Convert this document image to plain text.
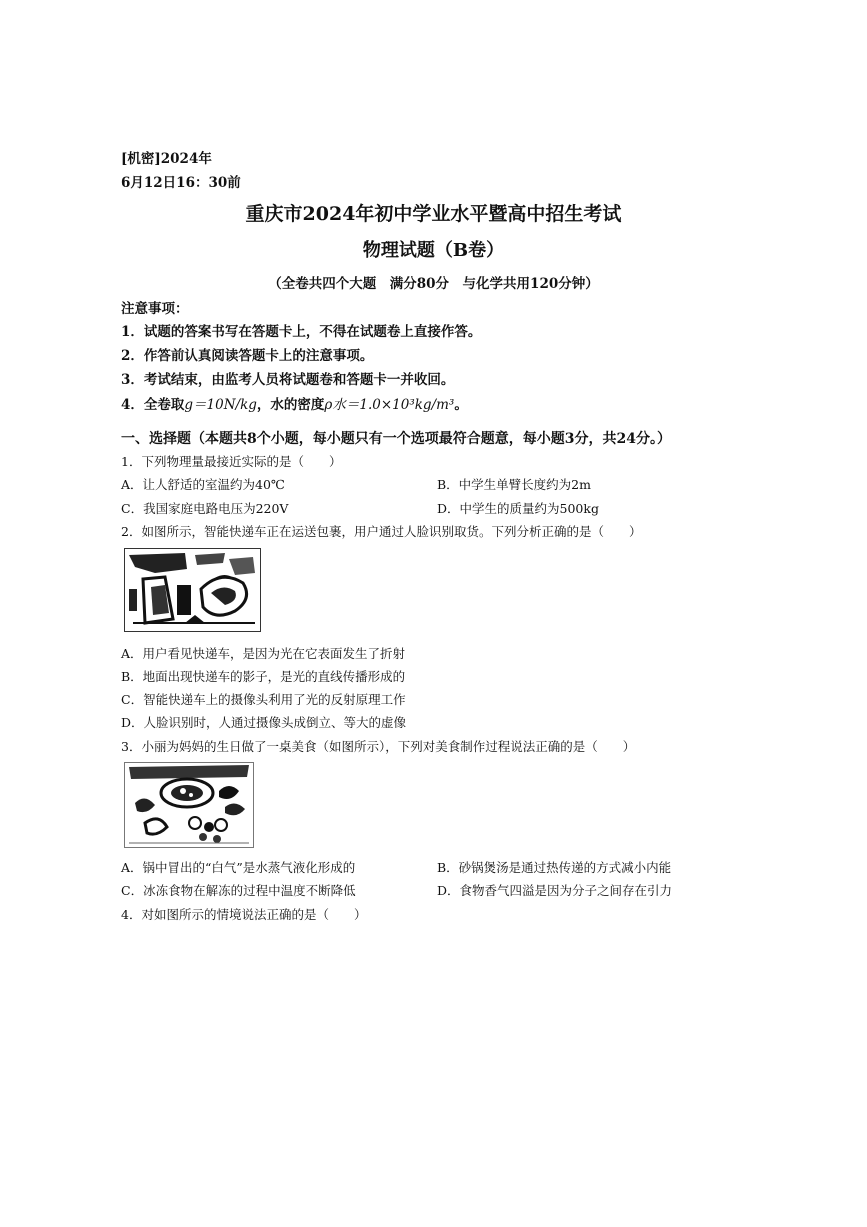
[机密]2024年
6月12日16：30前
重庆市2024年初中学业水平暨高中招生考试
物理试题（B卷）
（全卷共四个大题　满分80分　与化学共用120分钟）
注意事项：
1．试题的答案书写在答题卡上，不得在试题卷上直接作答。
2．作答前认真阅读答题卡上的注意事项。
3．考试结束，由监考人员将试题卷和答题卡一并收回。
4．全卷取g＝10N/kg，水的密度ρ水＝1.0×10³kg/m³。
一、选择题（本题共8个小题，每小题只有一个选项最符合题意，每小题3分，共24分。）
1．下列物理量最接近实际的是（　　）
A．让人舒适的室温约为40℃	B．中学生单臂长度约为2m
C．我国家庭电路电压为220V	D．中学生的质量约为500kg
2．如图所示，智能快递车正在运送包裹，用户通过人脸识别取货。下列分析正确的是（　　）
A．用户看见快递车，是因为光在它表面发生了折射
B．地面出现快递车的影子，是光的直线传播形成的
C．智能快递车上的摄像头利用了光的反射原理工作
D．人脸识别时，人通过摄像头成倒立、等大的虚像
3．小丽为妈妈的生日做了一桌美食（如图所示），下列对美食制作过程说法正确的是（　　）
A．锅中冒出的“白气”是水蒸气液化形成的	B．砂锅煲汤是通过热传递的方式减小内能
C．冰冻食物在解冻的过程中温度不断降低	D．食物香气四溢是因为分子之间存在引力
4．对如图所示的情境说法正确的是（　　）
